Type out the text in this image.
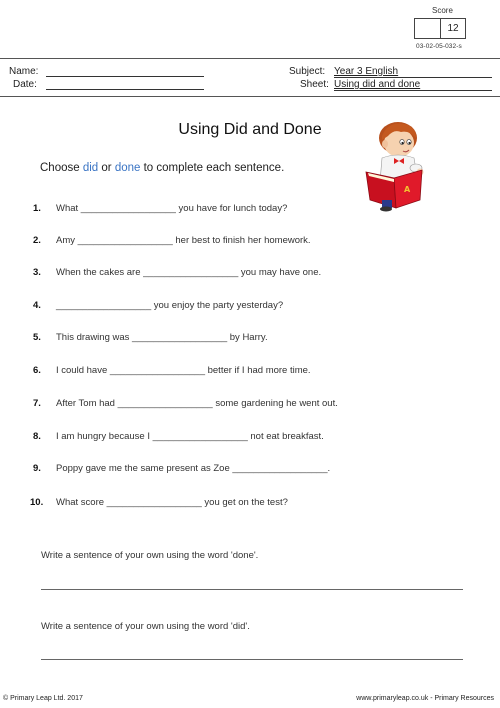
Score
12
03-02-05-032-s
Name:
Date:
Subject: Year 3 English
Sheet: Using did and done
Using Did and Done
Choose did or done to complete each sentence.
A
1.	What __________________ you have for lunch today?
2.	Amy __________________ her best to finish her homework.
3.	When the cakes are __________________ you may have one.
4.	__________________ you enjoy the party yesterday?
5.	This drawing was __________________ by Harry.
6.	I could have __________________ better if I had more time.
7.	After Tom had __________________ some gardening he went out.
8.	I am hungry because I __________________ not eat breakfast.
9.	Poppy gave me the same present as Zoe __________________.
10.	What score __________________ you get on the test?
Write a sentence of your own using the word 'done'.
Write a sentence of your own using the word 'did'.
© Primary Leap Ltd. 2017	www.primaryleap.co.uk - Primary Resources
